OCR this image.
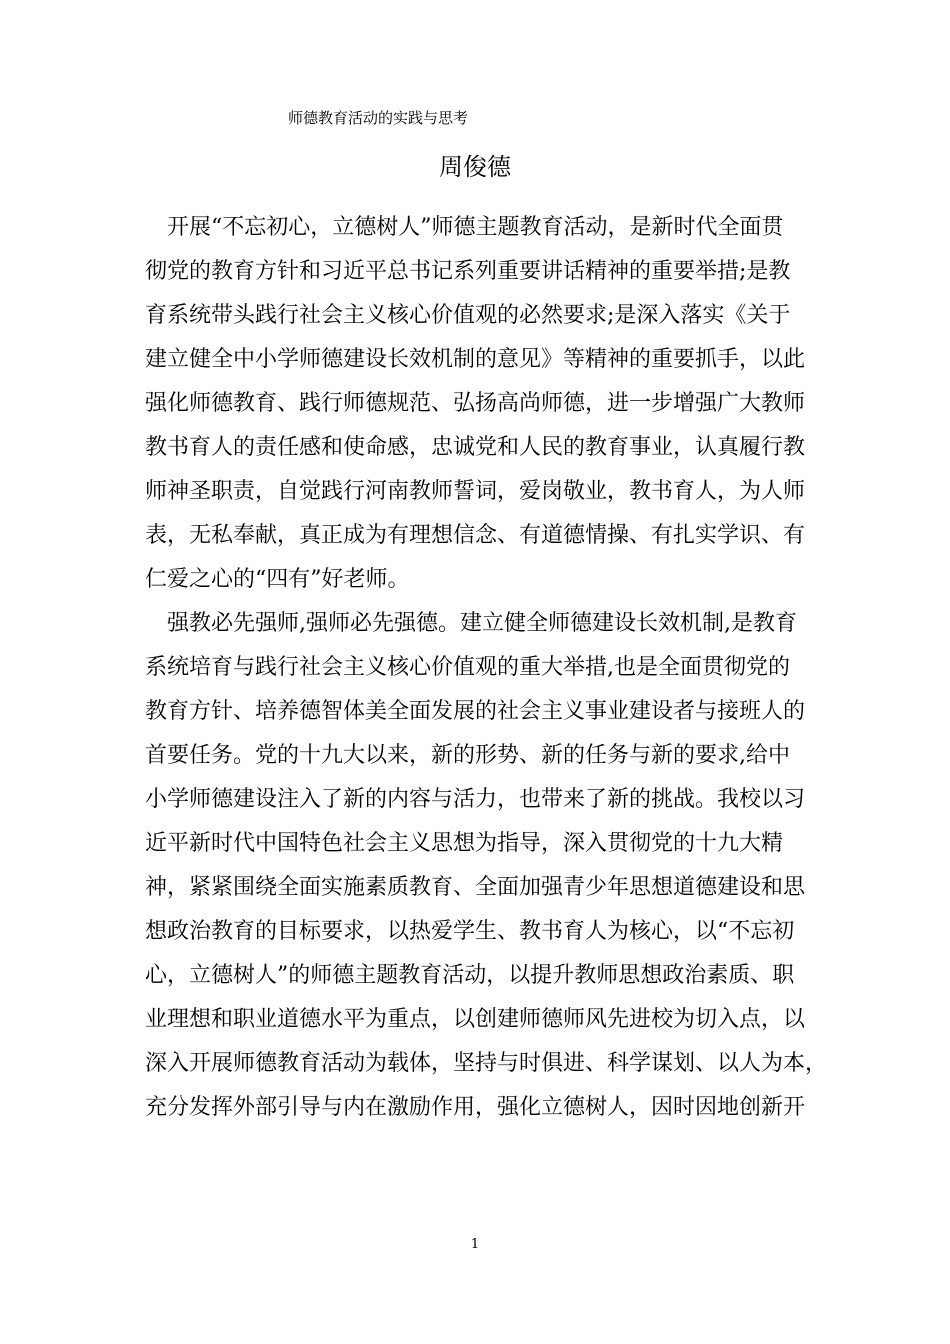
师德教育活动的实践与思考
周俊德
开展“不忘初心，立德树人”师德主题教育活动，是新时代全面贯
彻党的教育方针和习近平总书记系列重要讲话精神的重要举措;是教
育系统带头践行社会主义核心价值观的必然要求;是深入落实《关于
建立健全中小学师德建设长效机制的意见》等精神的重要抓手，以此
强化师德教育、践行师德规范、弘扬高尚师德，进一步增强广大教师
教书育人的责任感和使命感，忠诚党和人民的教育事业，认真履行教
师神圣职责，自觉践行河南教师誓词，爱岗敬业，教书育人，为人师
表，无私奉献，真正成为有理想信念、有道德情操、有扎实学识、有
仁爱之心的“四有”好老师。
强教必先强师,强师必先强德。建立健全师德建设长效机制,是教育
系统培育与践行社会主义核心价值观的重大举措,也是全面贯彻党的
教育方针、培养德智体美全面发展的社会主义事业建设者与接班人的
首要任务。党的十九大以来，新的形势、新的任务与新的要求,给中
小学师德建设注入了新的内容与活力，也带来了新的挑战。我校以习
近平新时代中国特色社会主义思想为指导，深入贯彻党的十九大精
神，紧紧围绕全面实施素质教育、全面加强青少年思想道德建设和思
想政治教育的目标要求，以热爱学生、教书育人为核心，以“不忘初
心，立德树人”的师德主题教育活动，以提升教师思想政治素质、职
业理想和职业道德水平为重点，以创建师德师风先进校为切入点，以
深入开展师德教育活动为载体，坚持与时俱进、科学谋划、以人为本，
充分发挥外部引导与内在激励作用，强化立德树人，因时因地创新开
1
